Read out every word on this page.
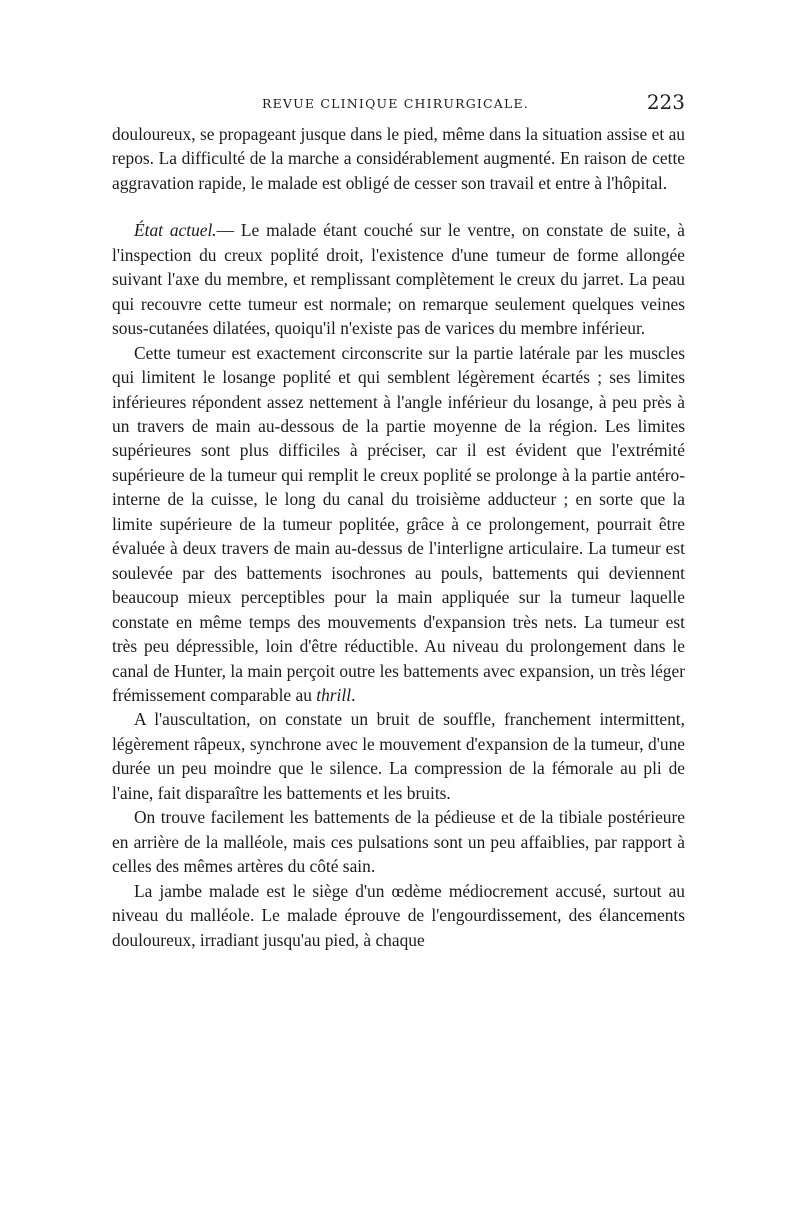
REVUE CLINIQUE CHIRURGICALE.	223

douloureux, se propageant jusque dans le pied, même dans la situation assise et au repos. La difficulté de la marche a considérablement augmenté. En raison de cette aggravation rapide, le malade est obligé de cesser son travail et entre à l'hôpital.

État actuel.— Le malade étant couché sur le ventre, on constate de suite, à l'inspection du creux poplité droit, l'existence d'une tumeur de forme allongée suivant l'axe du membre, et remplissant complètement le creux du jarret. La peau qui recouvre cette tumeur est normale; on remarque seulement quelques veines sous-cutanées dilatées, quoiqu'il n'existe pas de varices du membre inférieur.

Cette tumeur est exactement circonscrite sur la partie latérale par les muscles qui limitent le losange poplité et qui semblent légèrement écartés ; ses limites inférieures répondent assez nettement à l'angle inférieur du losange, à peu près à un travers de main au-dessous de la partie moyenne de la région. Les limites supérieures sont plus difficiles à préciser, car il est évident que l'extrémité supérieure de la tumeur qui remplit le creux poplité se prolonge à la partie antéro-interne de la cuisse, le long du canal du troisième adducteur ; en sorte que la limite supérieure de la tumeur poplitée, grâce à ce prolongement, pourrait être évaluée à deux travers de main au-dessus de l'interligne articulaire. La tumeur est soulevée par des battements isochrones au pouls, battements qui deviennent beaucoup mieux perceptibles pour la main appliquée sur la tumeur laquelle constate en même temps des mouvements d'expansion très nets. La tumeur est très peu dépressible, loin d'être réductible. Au niveau du prolongement dans le canal de Hunter, la main perçoit outre les battements avec expansion, un très léger frémissement comparable au thrill.

A l'auscultation, on constate un bruit de souffle, franchement intermittent, légèrement râpeux, synchrone avec le mouvement d'expansion de la tumeur, d'une durée un peu moindre que le silence. La compression de la fémorale au pli de l'aine, fait disparaître les battements et les bruits.

On trouve facilement les battements de la pédieuse et de la tibiale postérieure en arrière de la malléole, mais ces pulsations sont un peu affaiblies, par rapport à celles des mêmes artères du côté sain.

La jambe malade est le siège d'un œdème médiocrement accusé, surtout au niveau du malléole. Le malade éprouve de l'engourdissement, des élancements douloureux, irradiant jusqu'au pied, à chaque
